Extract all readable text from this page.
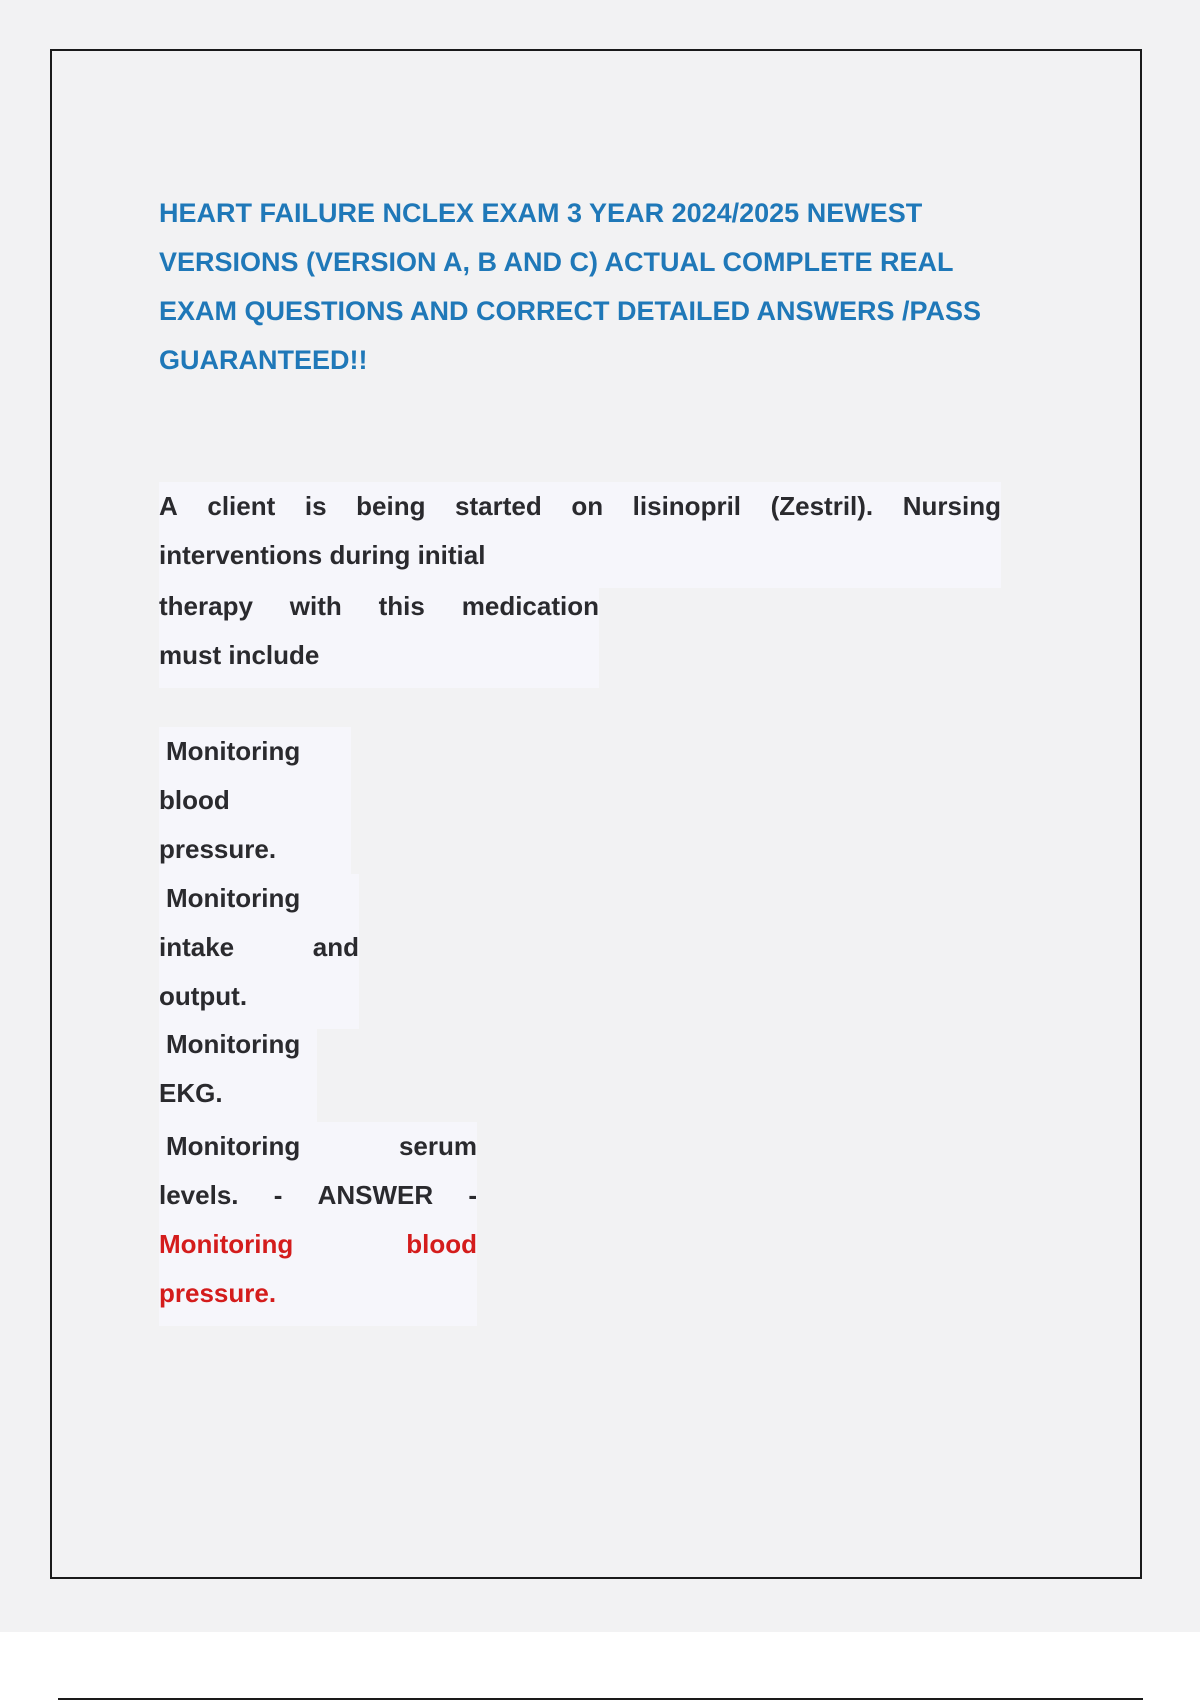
HEART FAILURE NCLEX EXAM 3 YEAR 2024/2025 NEWEST
VERSIONS (VERSION A, B AND C) ACTUAL COMPLETE REAL
EXAM QUESTIONS AND CORRECT DETAILED ANSWERS /PASS
GUARANTEED!!
A client is being started on lisinopril (Zestril). Nursing
interventions during initial
therapy with this medication
must include
Monitoring
blood
pressure.
Monitoring
intake	and
output.
Monitoring
EKG.
Monitoring	serum
levels. - ANSWER -
Monitoring	blood
pressure.
